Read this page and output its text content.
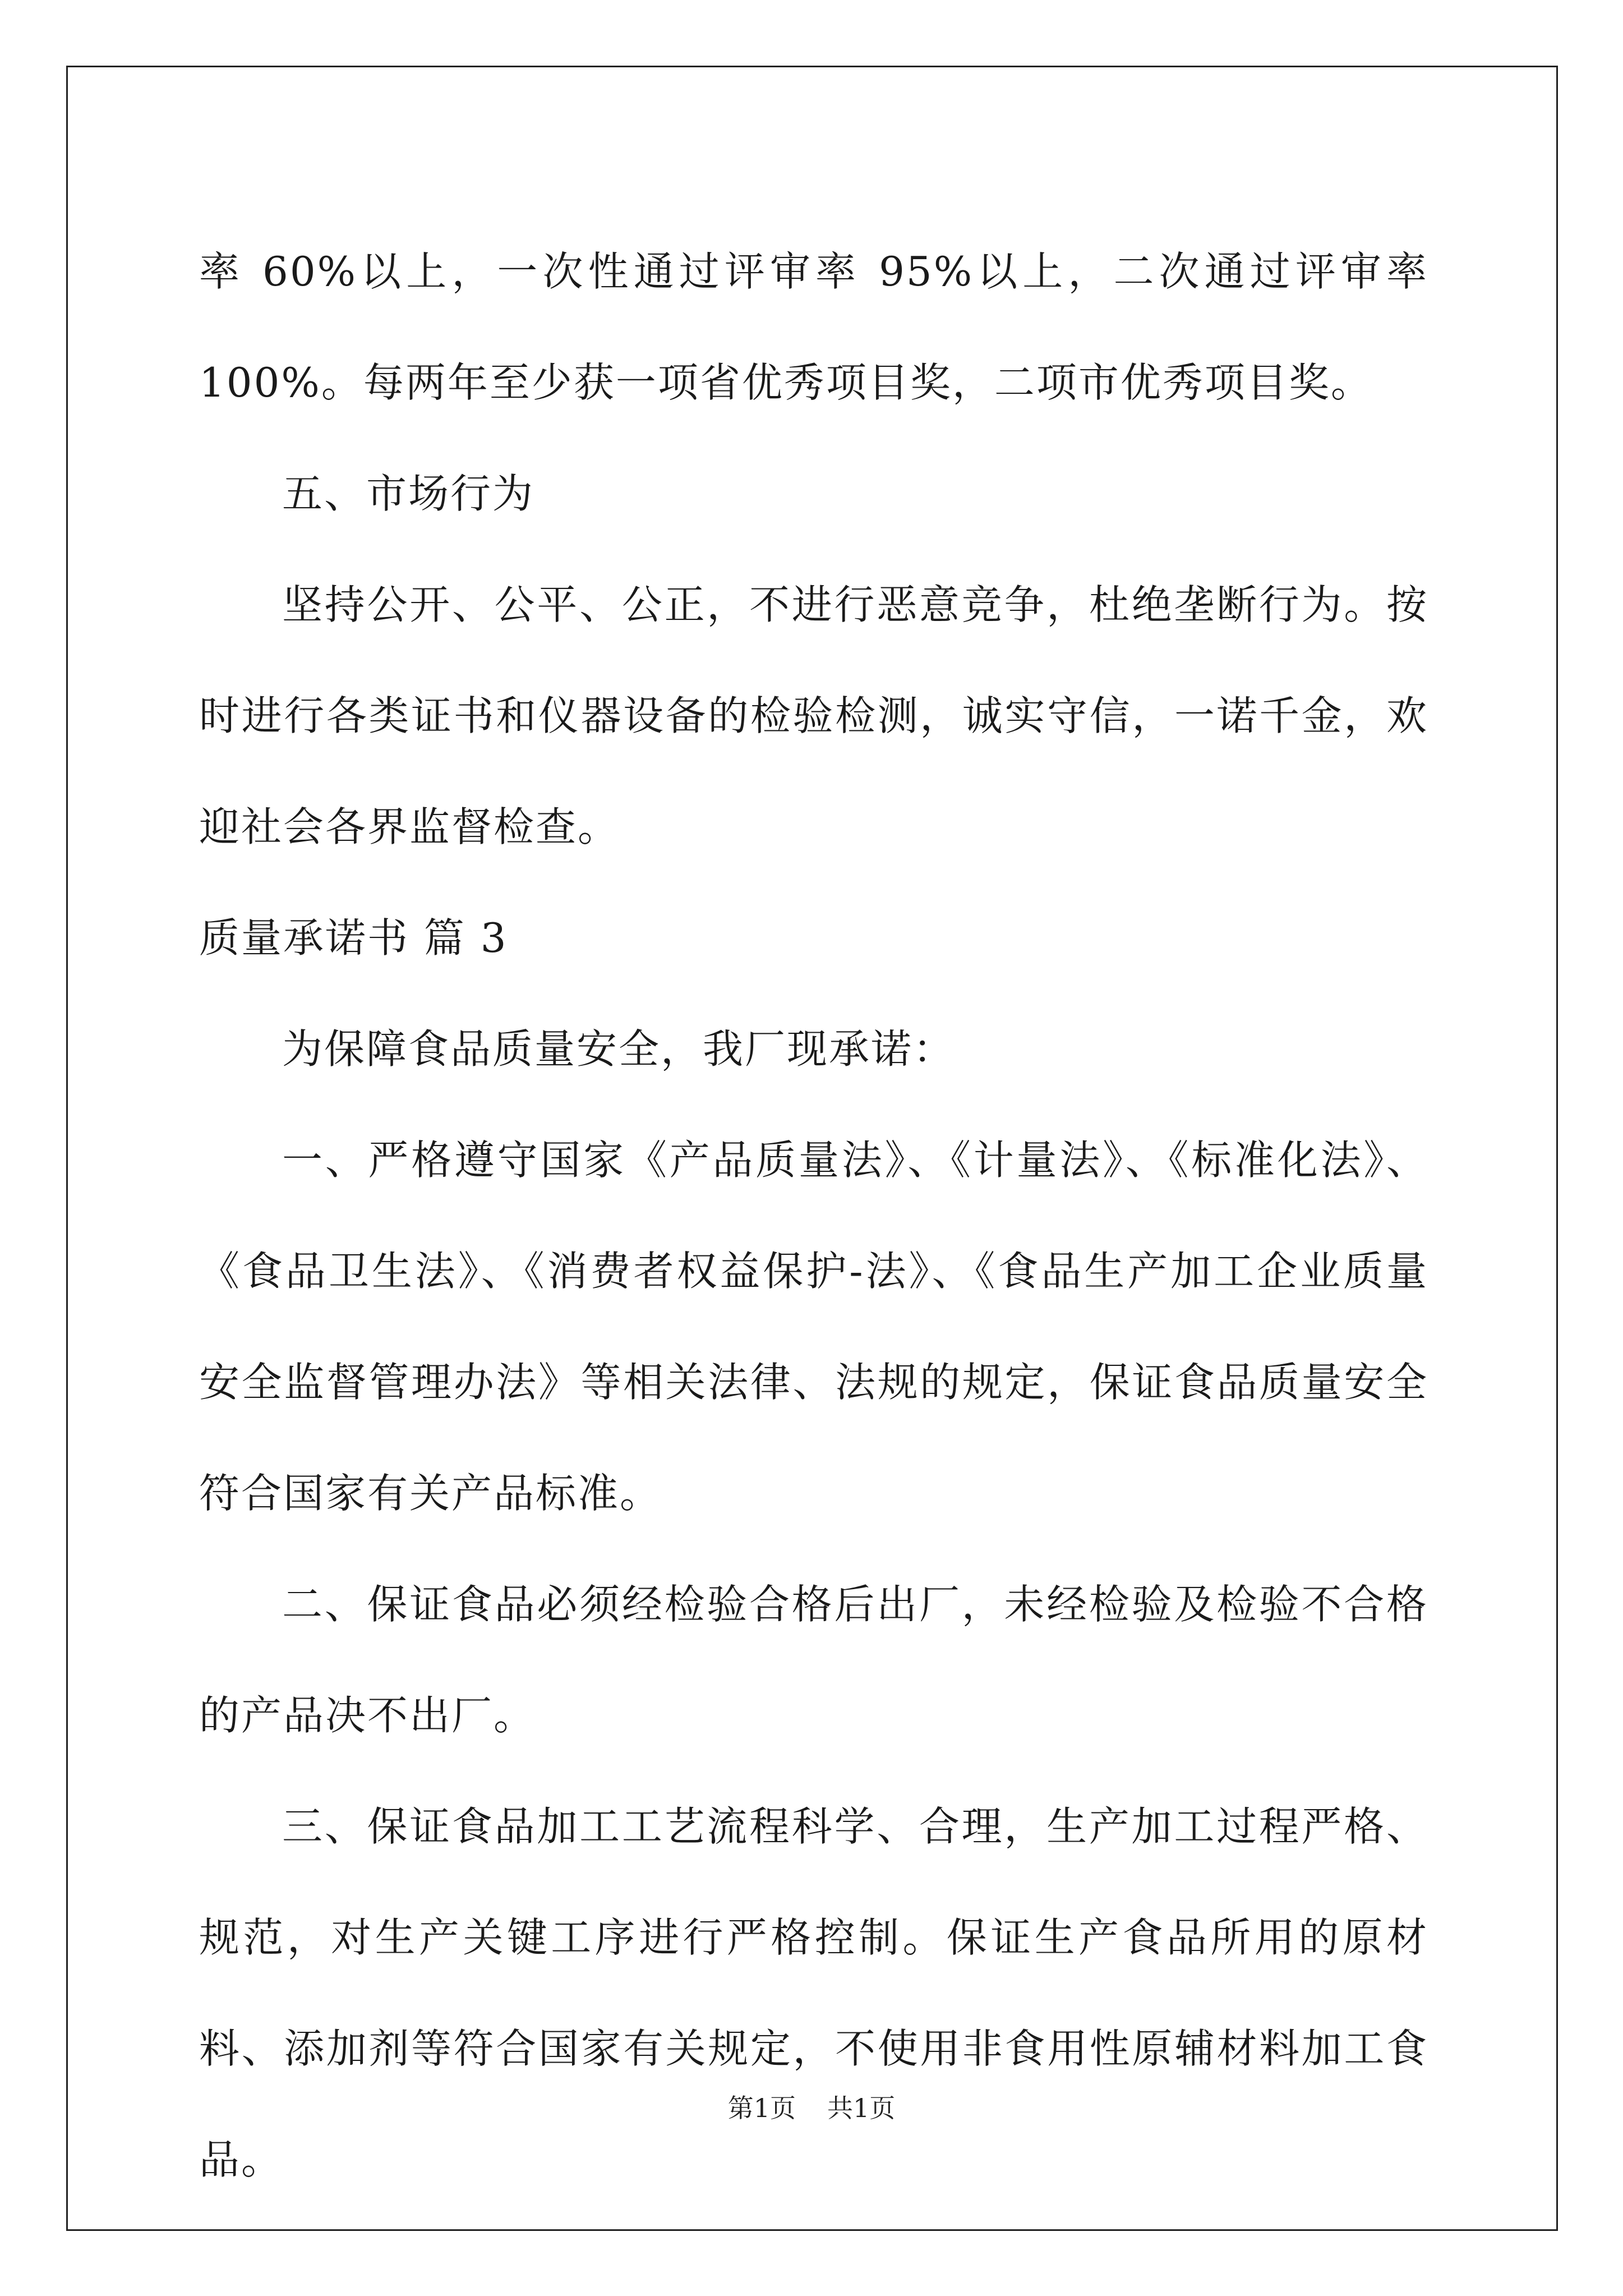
率 60%以上，一次性通过评审率 95%以上，二次通过评审率 100%。每两年至少获一项省优秀项目奖，二项市优秀项目奖。

五、市场行为

坚持公开、公平、公正，不进行恶意竞争，杜绝垄断行为。按时进行各类证书和仪器设备的检验检测，诚实守信，一诺千金，欢迎社会各界监督检查。

质量承诺书 篇 3

为保障食品质量安全，我厂现承诺：

一、严格遵守国家《产品质量法》、《计量法》、《标准化法》、《食品卫生法》、《消费者权益保护-法》、《食品生产加工企业质量安全监督管理办法》等相关法律、法规的规定，保证食品质量安全符合国家有关产品标准。

二、保证食品必须经检验合格后出厂，未经检验及检验不合格的产品决不出厂。

三、保证食品加工工艺流程科学、合理，生产加工过程严格、规范，对生产关键工序进行严格控制。保证生产食品所用的原材料、添加剂等符合国家有关规定，不使用非食用性原辅材料加工食品。

第1页 共1页
